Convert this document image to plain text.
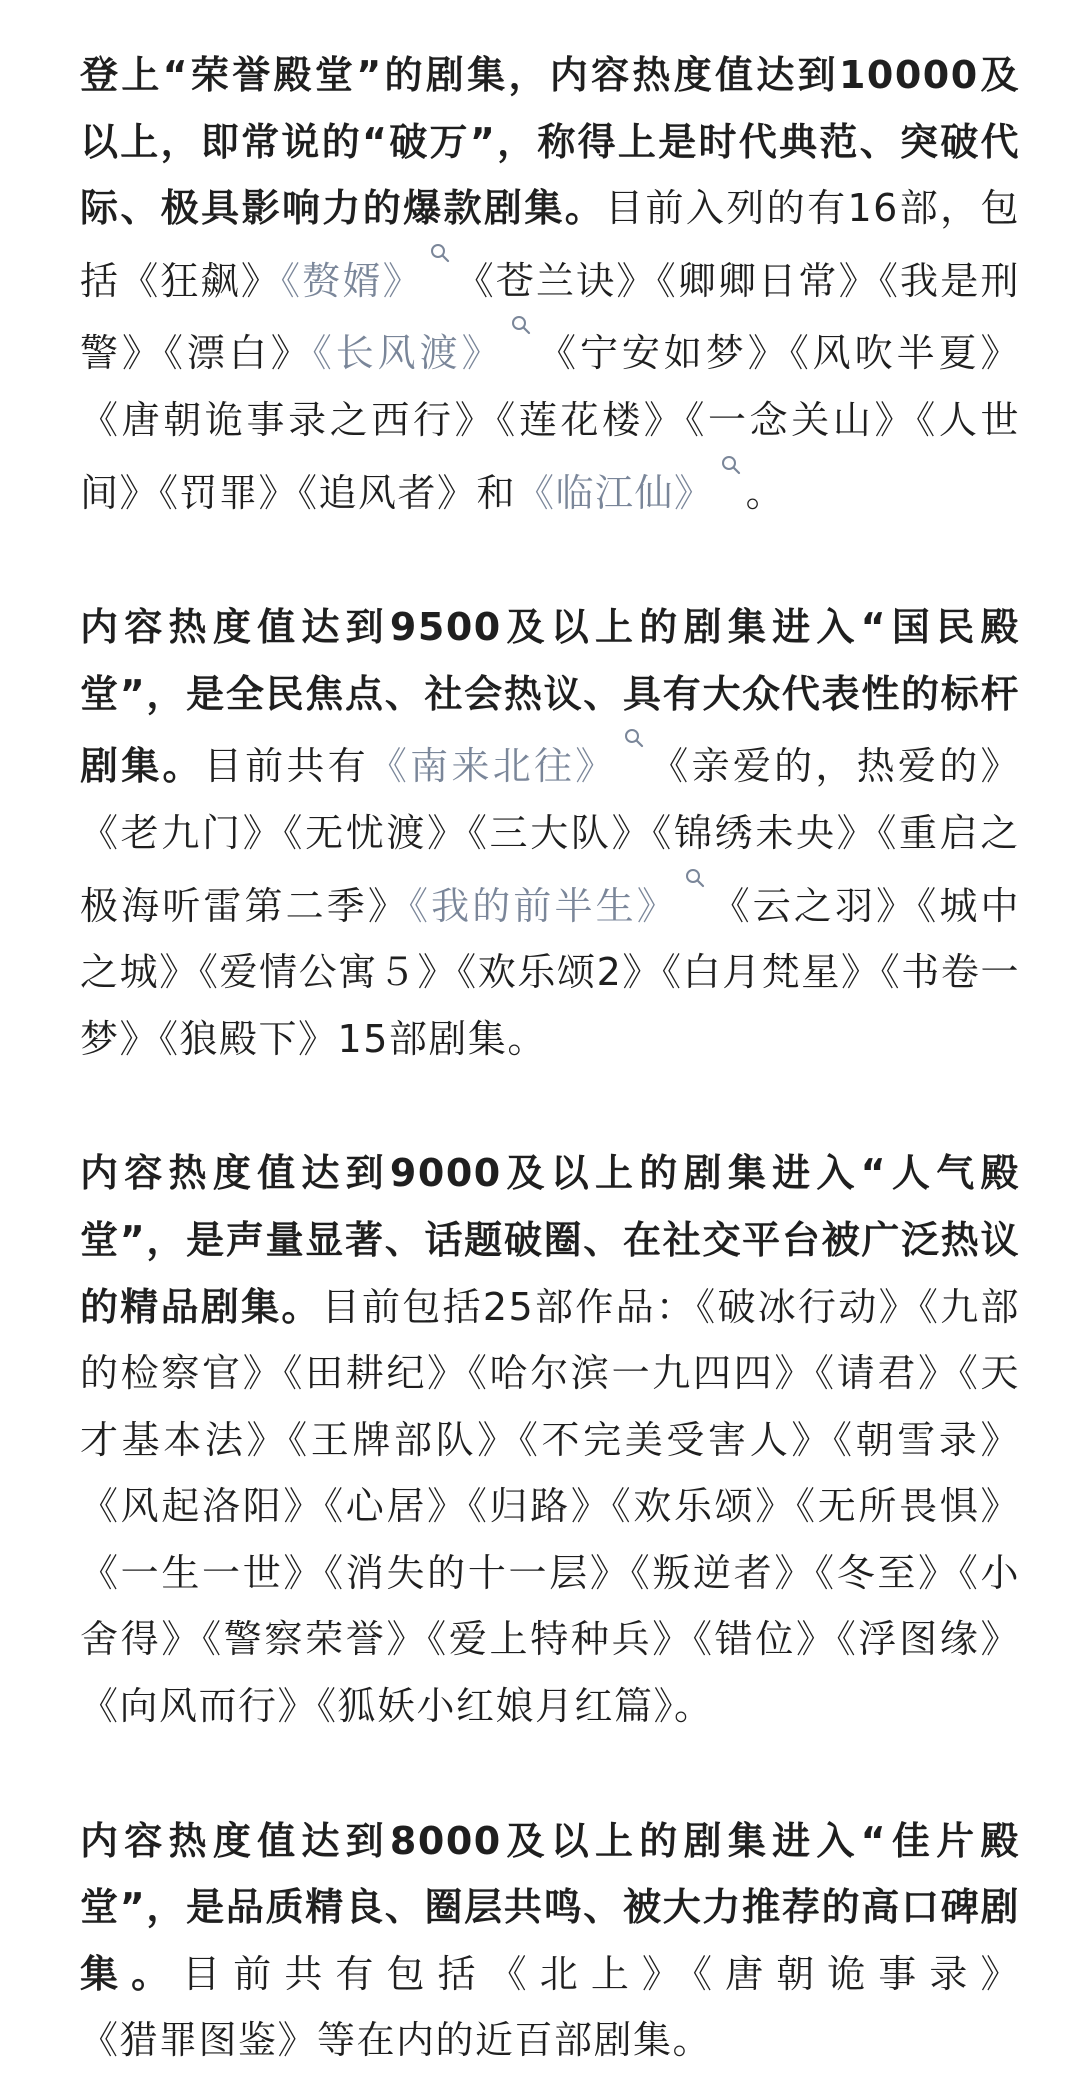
登上“荣誉殿堂”的剧集，内容热度值达到10000及以上，即常说的“破万”，称得上是时代典范、突破代际、极具影响力的爆款剧集。目前入列的有16部，包括《狂飙》《赘婿》 《苍兰诀》《卿卿日常》《我是刑警》《漂白》《长风渡》 《宁安如梦》《风吹半夏》《唐朝诡事录之西行》《莲花楼》《一念关山》《人世间》《罚罪》《追风者》和《临江仙》 。

内容热度值达到9500及以上的剧集进入“国民殿堂”，是全民焦点、社会热议、具有大众代表性的标杆剧集。目前共有《南来北往》 《亲爱的，热爱的》《老九门》《无忧渡》《三大队》《锦绣未央》《重启之极海听雷第二季》《我的前半生》 《云之羽》《城中之城》《爱情公寓５》《欢乐颂2》《白月梵星》《书卷一梦》《狼殿下》15部剧集。

内容热度值达到9000及以上的剧集进入“人气殿堂”，是声量显著、话题破圈、在社交平台被广泛热议的精品剧集。目前包括25部作品：《破冰行动》《九部的检察官》《田耕纪》《哈尔滨一九四四》《请君》《天才基本法》《王牌部队》《不完美受害人》《朝雪录》《风起洛阳》《心居》《归路》《欢乐颂》《无所畏惧》《一生一世》《消失的十一层》《叛逆者》《冬至》《小舍得》《警察荣誉》《爱上特种兵》《错位》《浮图缘》《向风而行》《狐妖小红娘月红篇》。

内容热度值达到8000及以上的剧集进入“佳片殿堂”，是品质精良、圈层共鸣、被大力推荐的高口碑剧集。目前共有包括《北上》《唐朝诡事录》《猎罪图鉴》等在内的近百部剧集。
